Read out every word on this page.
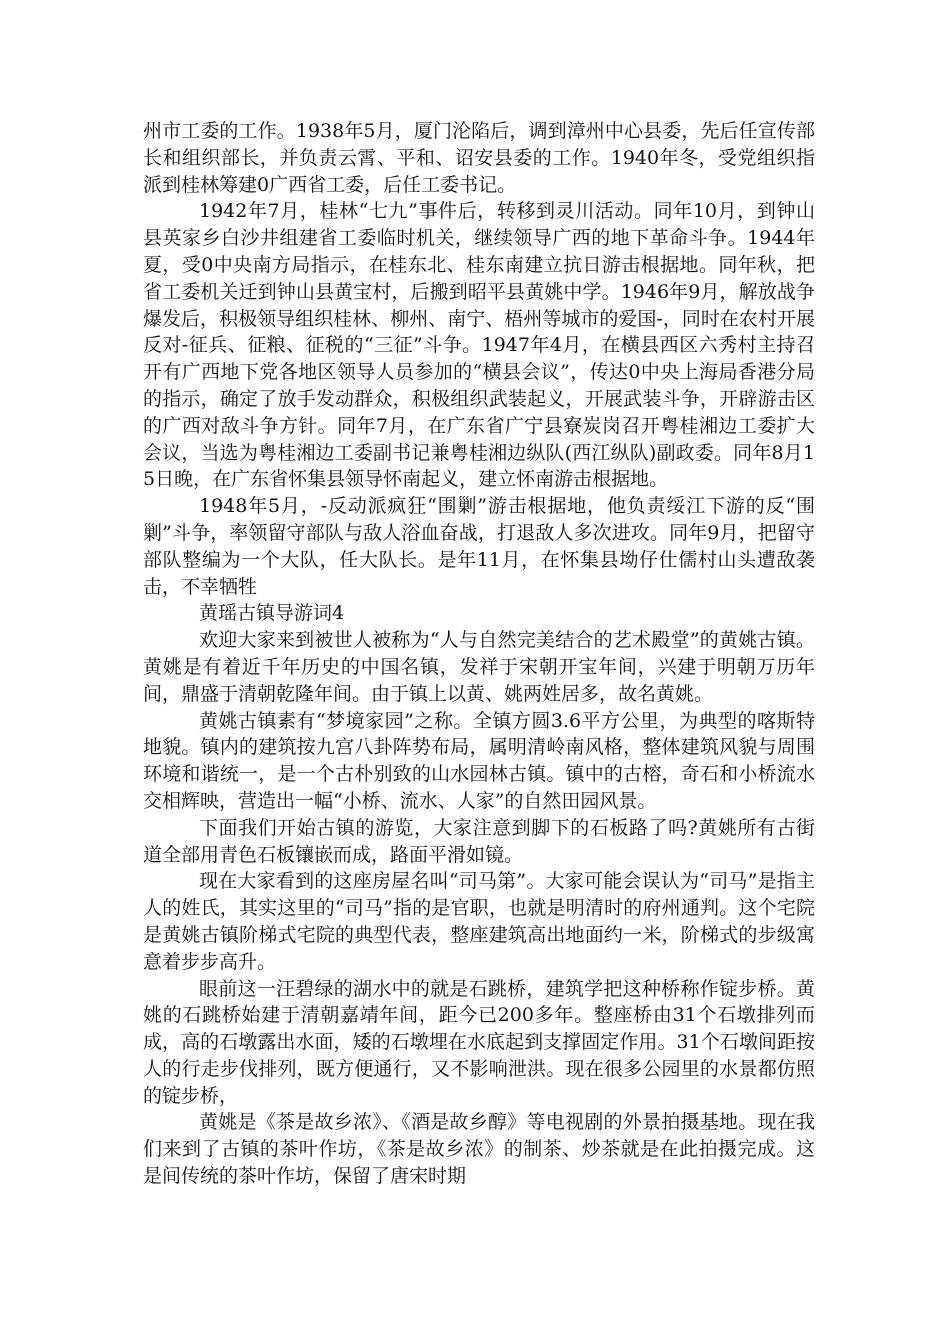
州市工委的工作。1938年5月，厦门沦陷后，调到漳州中心县委，先后任宣传部长和组织部长，并负责云霄、平和、诏安县委的工作。1940年冬，受党组织指派到桂林筹建0广西省工委，后任工委书记。

1942年7月，桂林“七九”事件后，转移到灵川活动。同年10月，到钟山县英家乡白沙井组建省工委临时机关，继续领导广西的地下革命斗争。1944年夏，受0中央南方局指示，在桂东北、桂东南建立抗日游击根据地。同年秋，把省工委机关迁到钟山县黄宝村，后搬到昭平县黄姚中学。1946年9月，解放战争爆发后，积极领导组织桂林、柳州、南宁、梧州等城市的爱国-，同时在农村开展反对-征兵、征粮、征税的“三征”斗争。1947年4月，在横县西区六秀村主持召开有广西地下党各地区领导人员参加的“横县会议”，传达0中央上海局香港分局的指示，确定了放手发动群众，积极组织武装起义，开展武装斗争，开辟游击区的广西对敌斗争方针。同年7月，在广东省广宁县寮炭岗召开粤桂湘边工委扩大会议，当选为粤桂湘边工委副书记兼粤桂湘边纵队(西江纵队)副政委。同年8月15日晚，在广东省怀集县领导怀南起义，建立怀南游击根据地。

1948年5月，-反动派疯狂“围剿”游击根据地，他负责绥江下游的反“围剿”斗争，率领留守部队与敌人浴血奋战，打退敌人多次进攻。同年9月，把留守部队整编为一个大队，任大队长。是年11月，在怀集县坳仔仕儒村山头遭敌袭击，不幸牺牲

黄瑶古镇导游词4

欢迎大家来到被世人被称为“人与自然完美结合的艺术殿堂”的黄姚古镇。黄姚是有着近千年历史的中国名镇，发祥于宋朝开宝年间，兴建于明朝万历年间，鼎盛于清朝乾隆年间。由于镇上以黄、姚两姓居多，故名黄姚。

黄姚古镇素有“梦境家园”之称。全镇方圆3.6平方公里，为典型的喀斯特地貌。镇内的建筑按九宫八卦阵势布局，属明清岭南风格，整体建筑风貌与周围环境和谐统一，是一个古朴别致的山水园林古镇。镇中的古榕，奇石和小桥流水交相辉映，营造出一幅“小桥、流水、人家”的自然田园风景。

下面我们开始古镇的游览，大家注意到脚下的石板路了吗?黄姚所有古街道全部用青色石板镶嵌而成，路面平滑如镜。

现在大家看到的这座房屋名叫“司马第”。大家可能会误认为“司马”是指主人的姓氏，其实这里的“司马”指的是官职，也就是明清时的府州通判。这个宅院是黄姚古镇阶梯式宅院的典型代表，整座建筑高出地面约一米，阶梯式的步级寓意着步步高升。

眼前这一汪碧绿的湖水中的就是石跳桥，建筑学把这种桥称作锭步桥。黄姚的石跳桥始建于清朝嘉靖年间，距今已200多年。整座桥由31个石墩排列而成，高的石墩露出水面，矮的石墩埋在水底起到支撑固定作用。31个石墩间距按人的行走步伐排列，既方便通行，又不影响泄洪。现在很多公园里的水景都仿照的锭步桥，

黄姚是《茶是故乡浓》、《酒是故乡醇》等电视剧的外景拍摄基地。现在我们来到了古镇的茶叶作坊，《茶是故乡浓》的制茶、炒茶就是在此拍摄完成。这是间传统的茶叶作坊，保留了唐宋时期
